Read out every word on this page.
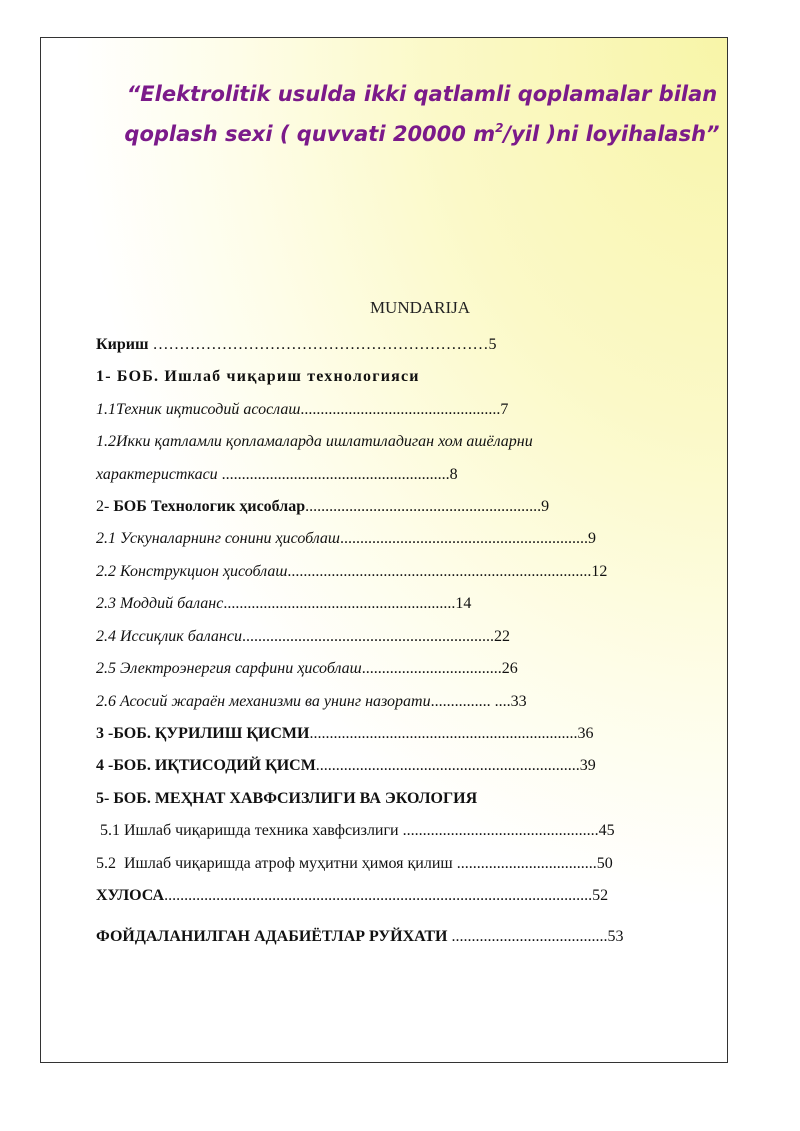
“Elektrolitik usulda ikki qatlamli qoplamalar bilan
qoplash sexi ( quvvati 20000 $m^2$/yil )ni loyihalash”
MUNDARIJA
Кириш ………………………………………………………5
1- БОБ. Ишлаб чиқариш технологияси
1.1Техник иқтисодий асослаш..................................................7
1.2Икки қатламли қопламаларда ишлатиладиган хом ашёларни
характеристкаси .........................................................8
2- БОБ Технологик ҳисоблар...........................................................9
2.1 Ускуналарнинг сонини ҳисоблаш..............................................................9
2.2 Конструкцион ҳисоблаш............................................................................12
2.3 Моддий баланс..........................................................14
2.4 Иссиқлик баланси...............................................................22
2.5 Электроэнергия сарфини ҳисоблаш...................................26
2.6 Асосий жараён механизми ва унинг назорати............... ....33
3 -БОБ. ҚУРИЛИШ ҚИСМИ...................................................................36
4 -БОБ. ИҚТИСОДИЙ ҚИСМ..................................................................39
5- БОБ. МЕҲНАТ ХАВФСИЗЛИГИ ВА ЭКОЛОГИЯ
5.1 Ишлаб чиқаришда техника хавфсизлиги .................................................45
5.2  Ишлаб чиқаришда атроф муҳитни ҳимоя қилиш ...................................50
ХУЛОСА...........................................................................................................52
ФОЙДАЛАНИЛГАН АДАБИЁТЛАР РУЙХАТИ .......................................53
